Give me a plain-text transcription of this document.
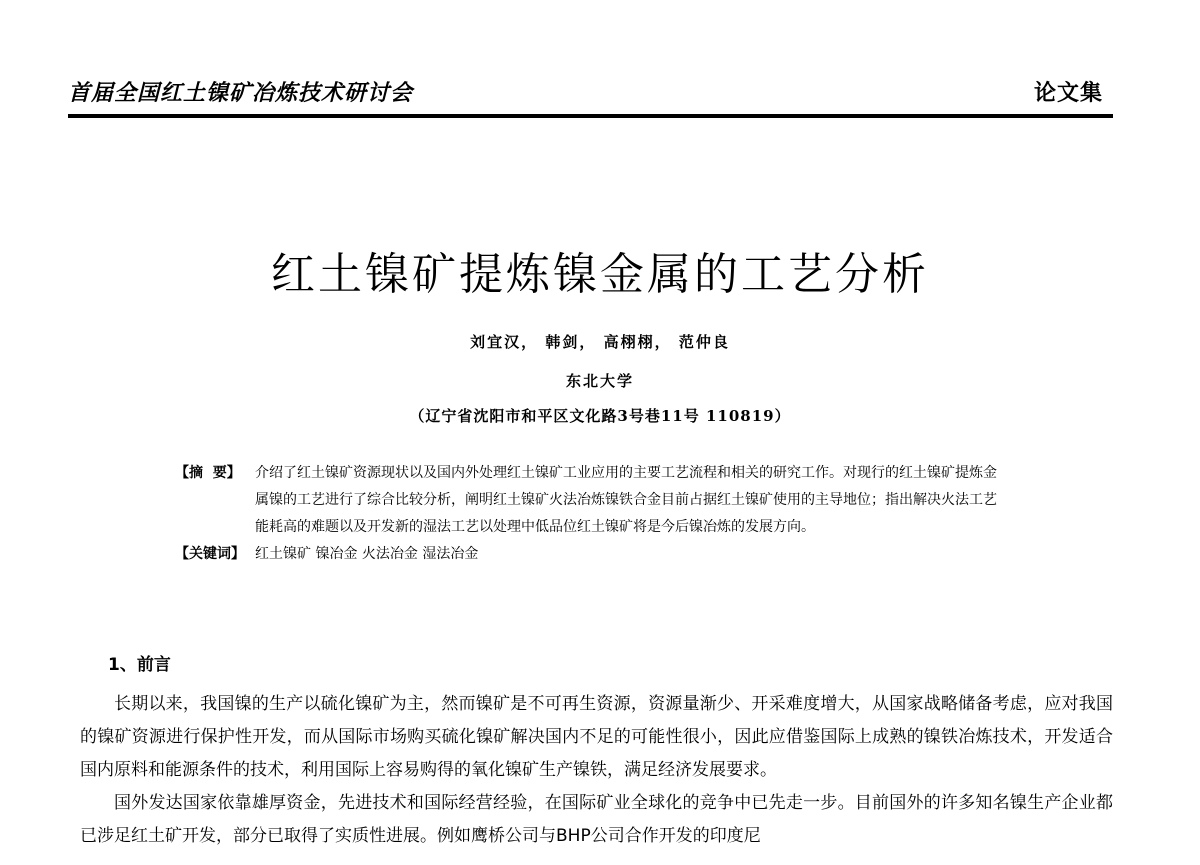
首届全国红土镍矿冶炼技术研讨会	论文集
红土镍矿提炼镍金属的工艺分析
刘宜汉， 韩剑， 高栩栩， 范仲良
东北大学
（辽宁省沈阳市和平区文化路3号巷11号 110819）
【摘  要】	介绍了红土镍矿资源现状以及国内外处理红土镍矿工业应用的主要工艺流程和相关的研究工作。对现行的红土镍矿提炼金属镍的工艺进行了综合比较分析，阐明红土镍矿火法冶炼镍铁合金目前占据红土镍矿使用的主导地位；指出解决火法工艺能耗高的难题以及开发新的湿法工艺以处理中低品位红土镍矿将是今后镍冶炼的发展方向。
【关键词】 红土镍矿 镍冶金 火法冶金 湿法冶金
1、前言

长期以来，我国镍的生产以硫化镍矿为主，然而镍矿是不可再生资源，资源量渐少、开采难度增大，从国家战略储备考虑，应对我国的镍矿资源进行保护性开发，而从国际市场购买硫化镍矿解决国内不足的可能性很小，因此应借鉴国际上成熟的镍铁冶炼技术，开发适合国内原料和能源条件的技术，利用国际上容易购得的氧化镍矿生产镍铁，满足经济发展要求。

国外发达国家依靠雄厚资金，先进技术和国际经营经验，在国际矿业全球化的竞争中已先走一步。目前国外的许多知名镍生产企业都已涉足红土矿开发，部分已取得了实质性进展。例如鹰桥公司与BHP公司合作开发的印度尼
